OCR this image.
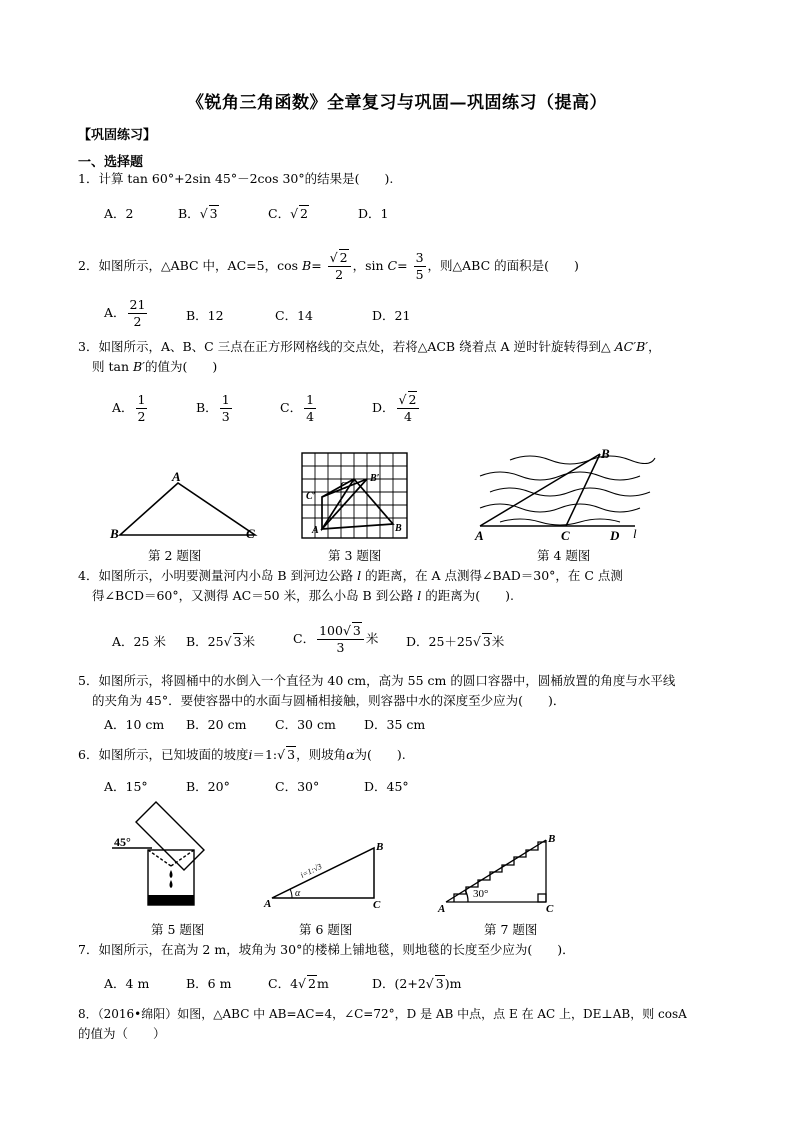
《锐角三角函数》全章复习与巩固—巩固练习（提高）
【巩固练习】
一、选择题
1．计算 tan 60°+2sin 45°－2cos 30°的结果是(　　).
A．2	B．√ 3	C．√ 2	D．1
2．如图所示，△ABC 中，AC=5，$\cos B= \frac{√ 2}{2}$ ，$\sin C= \frac{3}{5}$ ，则△ABC 的面积是(　　)
A． $\frac{21}{2}$	B．12	C．14	D．21
3．如图所示，A、B、C 三点在正方形网格线的交点处，若将△ACB 绕着点 A 逆时针旋转得到△ AC′B′，
则 tan B′的值为(　　)
A． $\frac{1}{2}$	B． $\frac{1}{3}$	C． $\frac{1}{4}$	D． $\frac{√ 2}{4}$
A
B	C
第 2 题图
A	B
C
B′
C′
第 3 题图
A
B
C	D l
第 4 题图
4．如图所示，小明要测量河内小岛 B 到河边公路 l 的距离，在 A 点测得∠BAD＝30°，在 C 点测
得∠BCD＝60°，又测得 AC＝50 米，那么小岛 B 到公路 l 的距离为(　　).
A．25 米 B．25√ 3米	C． $\frac{100√ 3}{3}$ 米 D．25＋25√ 3米
5．如图所示，将圆桶中的水倒入一个直径为 40 cm，高为 55 cm 的圆口容器中，圆桶放置的角度与水平线
的夹角为 45°．要使容器中的水面与圆桶相接触，则容器中水的深度至少应为(　　)．
A．10 cm B．20 cm C．30 cm D．35 cm
6．如图所示，已知坡面的坡度i＝1:√ 3，则坡角α为(　　).
A．15°	B．20°	C．30°	D．45°
45°
第 5 题图
A
B
C
α
i=1:√3
第 6 题图
A
B
C
30°
第 7 题图
7．如图所示，在高为 2 m，坡角为 30°的楼梯上铺地毯，则地毯的长度至少应为(　　)．
A．4 m	B．6 m	C．4√ 2m	D．(2+2√ 3)m
8．（2016•绵阳）如图，△ABC 中 AB=AC=4，∠C=72°，D 是 AB 中点，点 E 在 AC 上，DE⊥AB，则 cosA
的值为（　　）
